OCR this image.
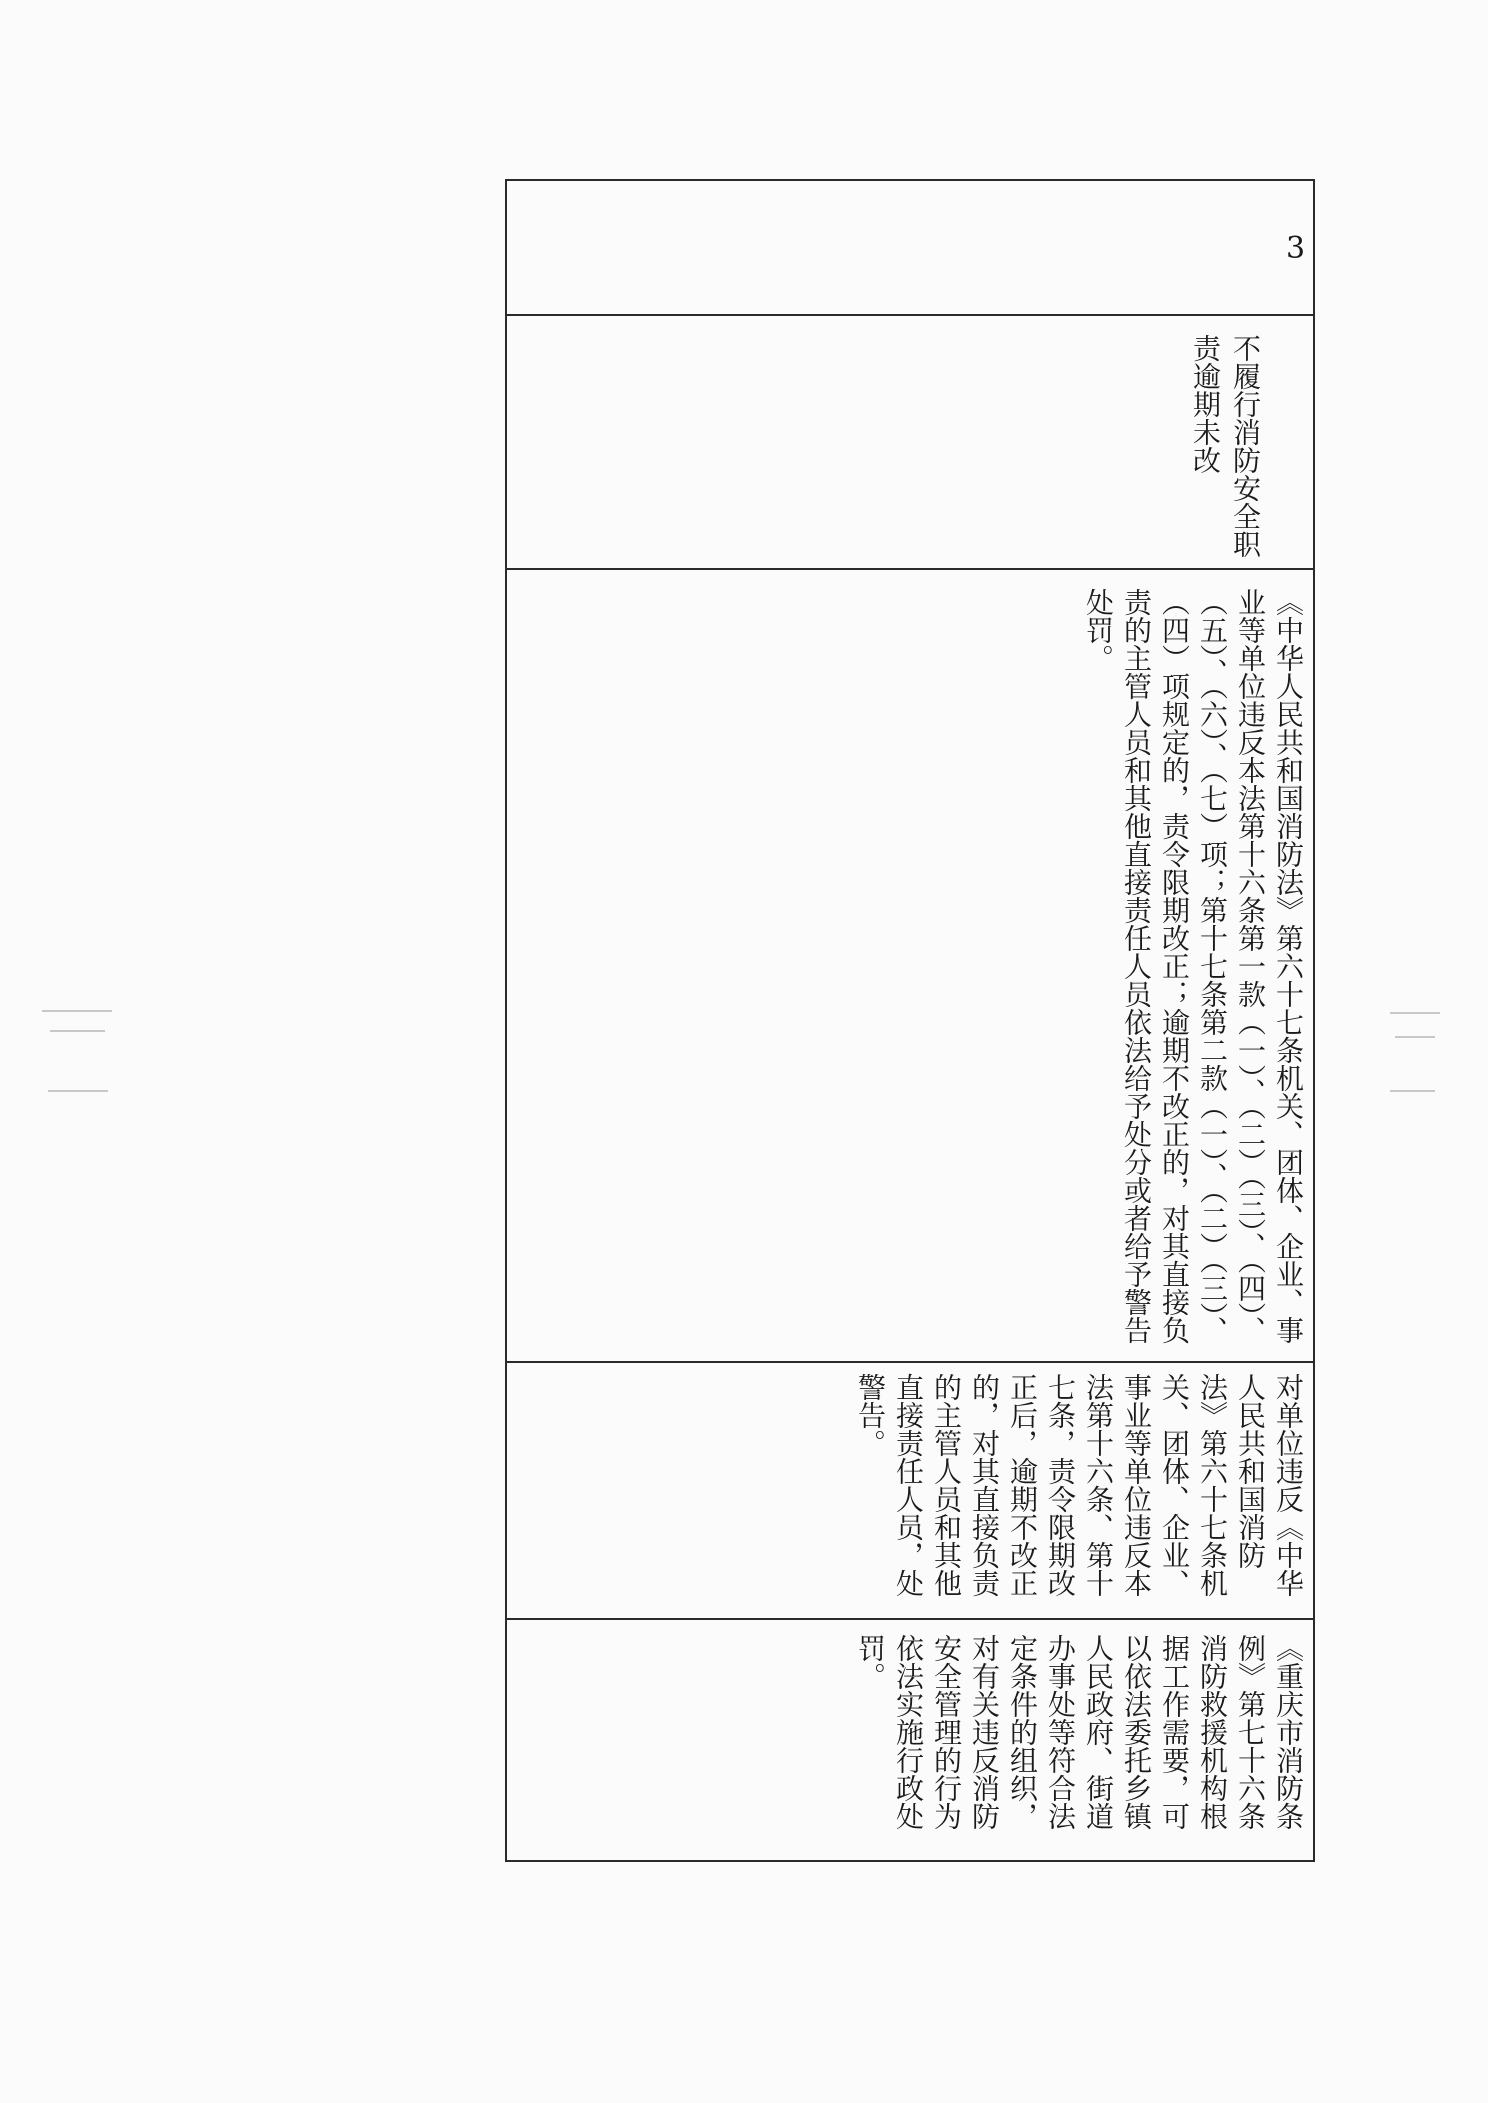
3
不履行消防安全职责逾期未改
《中华人民共和国消防法》第六十七条机关、团体、企业、事业等单位违反本法第十六条第一款（一）、（二）（三）、（四）、（五）、（六）、（七）项；第十七条第二款（一）、（二）（三）、（四）项规定的，责令限期改正；逾期不改正的，对其直接负责的主管人员和其他直接责任人员依法给予处分或者给予警告处罚。
对单位违反《中华人民共和国消防法》第六十七条机关、团体、企业、事业等单位违反本法第十六条、第十七条，责令限期改正后，逾期不改正的，对其直接负责的主管人员和其他直接责任人员，处警告。
《重庆市消防条例》第七十六条 消防救援机构根据工作需要，可以依法委托乡镇人民政府、街道办事处等符合法定条件的组织，对有关违反消防安全管理的行为依法实施行政处罚。
